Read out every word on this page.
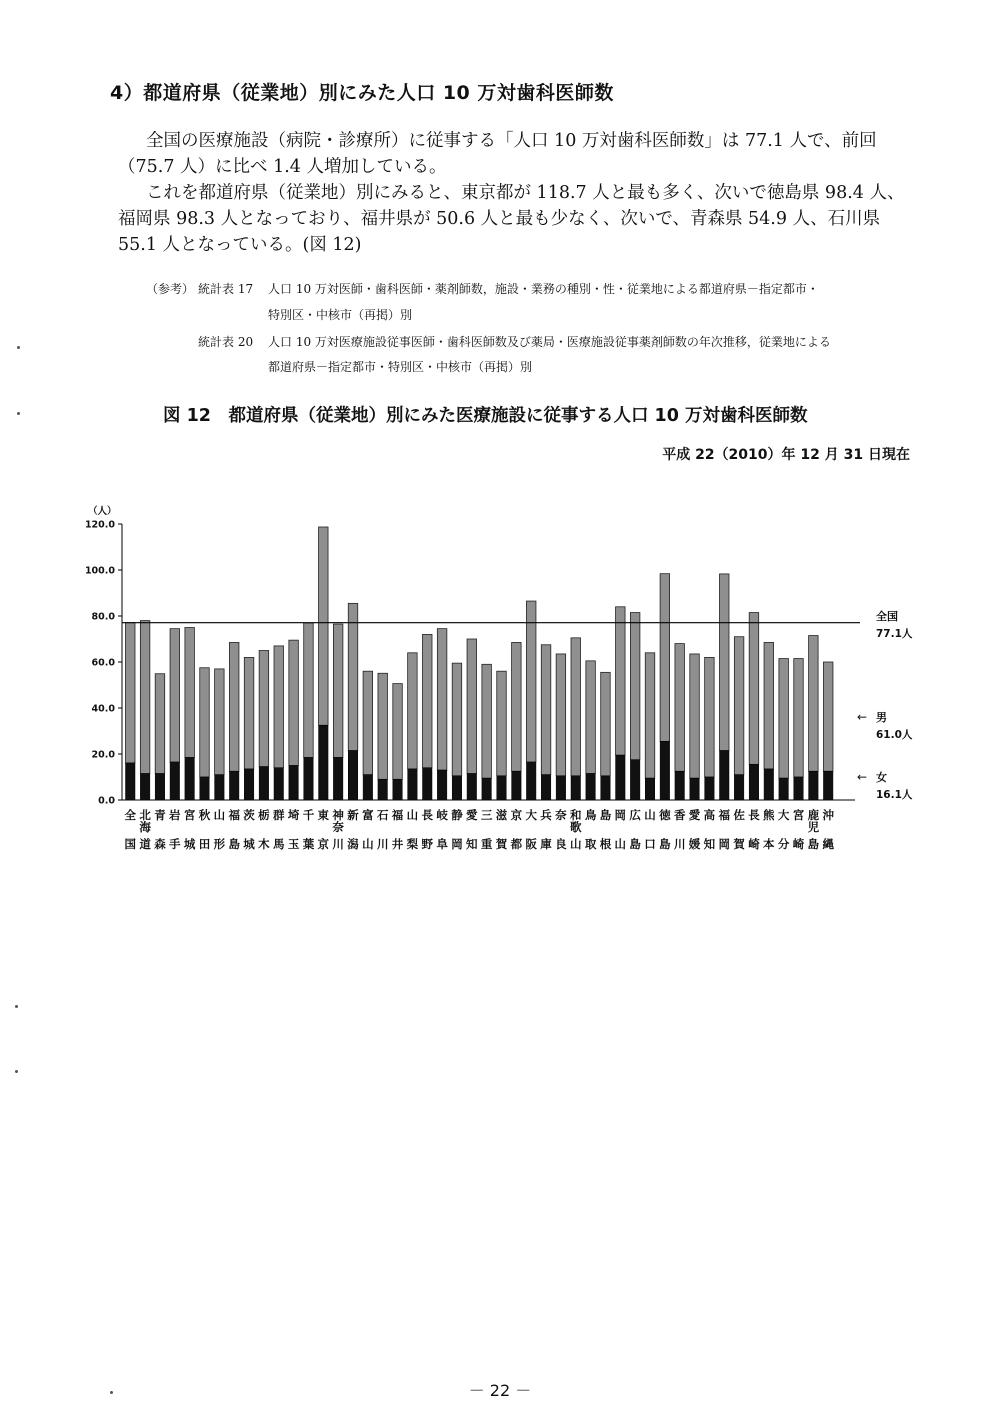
4）都道府県（従業地）別にみた人口 10 万対歯科医師数

全国の医療施設（病院・診療所）に従事する「人口 10 万対歯科医師数」は 77.1 人で、前回（75.7 人）に比べ 1.4 人増加している。

これを都道府県（従業地）別にみると、東京都が 118.7 人と最も多く、次いで徳島県 98.4 人、福岡県 98.3 人となっており、福井県が 50.6 人と最も少なく、次いで、青森県 54.9 人、石川県 55.1 人となっている。(図 12)

（参考） 統計表 17 人口 10 万対医師・歯科医師・薬剤師数，施設・業務の種別・性・従業地による都道府県－指定都市・
特別区・中核市（再掲）別
統計表 20 人口 10 万対医療施設従事医師・歯科医師数及び薬局・医療施設従事薬剤師数の年次推移，従業地による
都道府県－指定都市・特別区・中核市（再掲）別
図 12　都道府県（従業地）別にみた医療施設に従事する人口 10 万対歯科医師数
平成 22（2010）年 12 月 31 日現在
（人）
0.0
20.0
40.0
60.0
80.0
100.0
120.0
全
国
北
海
道
青
森
岩
手
宮
城
秋
田
山
形
福
島
茨
城
栃
木
群
馬
埼
玉
千
葉
東
京
神
奈
川
新
潟
富
山
石
川
福
井
山
梨
長
野
岐
阜
静
岡
愛
知
三
重
滋
賀
京
都
大
阪
兵
庫
奈
良
和
歌
山
鳥
取
島
根
岡
山
広
島
山
口
徳
島
香
川
愛
媛
高
知
福
岡
佐
賀
長
崎
熊
本
大
分
宮
崎
鹿
児
島
沖
縄
全国
77.1人
← 男
61.0人
← 女
16.1人
－ 22 －
